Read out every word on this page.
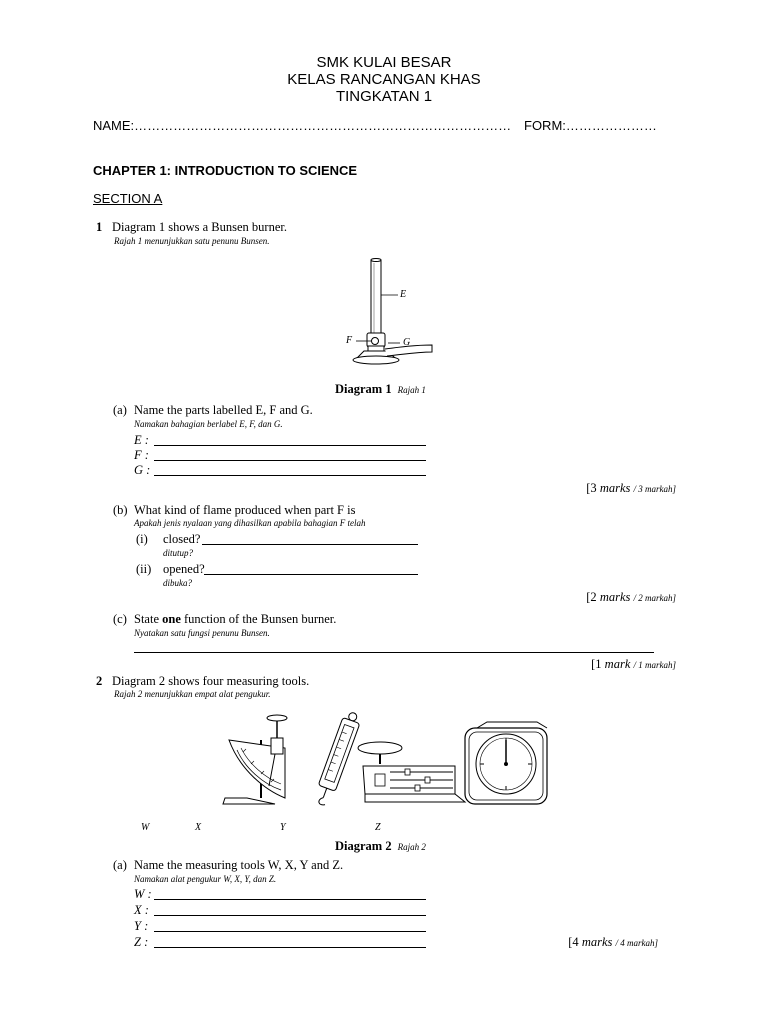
SMK KULAI BESAR
KELAS RANCANGAN KHAS
TINGKATAN 1
NAME:…………………………………………………………………………… FORM:…………………
CHAPTER 1: INTRODUCTION TO SCIENCE
SECTION A
1 Diagram 1 shows a Bunsen burner.
Rajah 1 menunjukkan satu penunu Bunsen.
E
F	G
Diagram 1 Rajah 1
(a) Name the parts labelled E, F and G.
Namakan bahagian berlabel E, F, dan G.
E :
F :
G :
[3 marks / 3 markah]
(b) What kind of flame produced when part F is
Apakah jenis nyalaan yang dihasilkan apabila bahagian F telah
(i) closed?
ditutup?
(ii) opened?
dibuka?
[2 marks / 2 markah]
(c) State one function of the Bunsen burner.
Nyatakan satu fungsi penunu Bunsen.
[1 mark / 1 markah]
2 Diagram 2 shows four measuring tools.
Rajah 2 menunjukkan empat alat pengukur.
W	X	Y	Z
Diagram 2 Rajah 2
(a) Name the measuring tools W, X, Y and Z.
Namakan alat pengukur W, X, Y, dan Z.
W :
X :
Y :
Z :	[4 marks / 4 markah]
